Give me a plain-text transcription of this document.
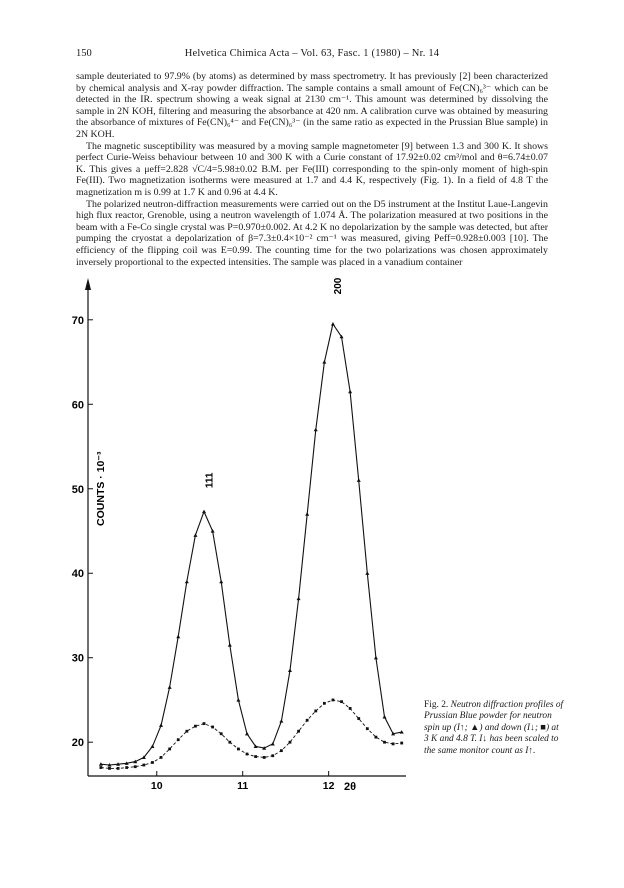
150	Helvetica Chimica Acta – Vol. 63, Fasc. 1 (1980) – Nr. 14

sample deuteriated to 97.9% (by atoms) as determined by mass spectrometry. It has previously [2] been characterized by chemical analysis and X-ray powder diffraction. The sample contains a small amount of Fe(CN)₆³⁻ which can be detected in the IR. spectrum showing a weak signal at 2130 cm⁻¹. This amount was determined by dissolving the sample in 2N KOH, filtering and measuring the absorbance at 420 nm. A calibration curve was obtained by measuring the absorbance of mixtures of Fe(CN)₆⁴⁻ and Fe(CN)₆³⁻ (in the same ratio as expected in the Prussian Blue sample) in 2N KOH.

The magnetic susceptibility was measured by a moving sample magnetometer [9] between 1.3 and 300 K. It shows perfect Curie-Weiss behaviour between 10 and 300 K with a Curie constant of 17.92±0.02 cm³/mol and θ=6.74±0.07 K. This gives a μeff=2.828 √C/4=5.98±0.02 B.M. per Fe(III) corresponding to the spin-only moment of high-spin Fe(III). Two magnetization isotherms were measured at 1.7 and 4.4 K, respectively (Fig. 1). In a field of 4.8 T the magnetization m is 0.99 at 1.7 K and 0.96 at 4.4 K.

The polarized neutron-diffraction measurements were carried out on the D5 instrument at the Institut Laue-Langevin high flux reactor, Grenoble, using a neutron wavelength of 1.074 Å. The polarization measured at two positions in the beam with a Fe-Co single crystal was P=0.970±0.002. At 4.2 K no depolarization by the sample was detected, but after pumping the cryostat a depolarization of β=7.3±0.4×10⁻² cm⁻¹ was measured, giving Peff=0.928±0.003 [10]. The efficiency of the flipping coil was E=0.99. The counting time for the two polarizations was chosen approximately inversely proportional to the expected intensities. The sample was placed in a vanadium container

20
30
40
50
60
70
10	11	12 2θ
COUNTS · 10⁻³	111
200
Fig. 2. Neutron diffraction profiles of Prussian Blue powder for neutron spin up (I↑; ▲) and down (I↓; ■) at 3 K and 4.8 T. I↓ has been scaled to the same monitor count as I↑.
